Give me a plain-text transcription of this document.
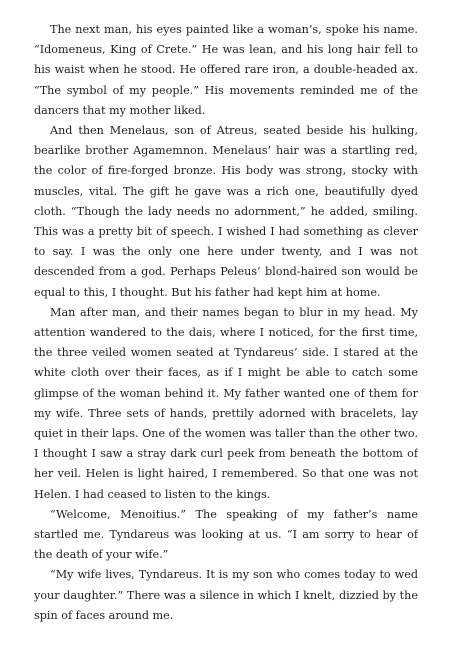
The next man, his eyes painted like a woman’s, spoke his name. “Idomeneus, King of Crete.” He was lean, and his long hair fell to his waist when he stood. He offered rare iron, a double-headed ax. “The symbol of my people.” His movements reminded me of the dancers that my mother liked.

And then Menelaus, son of Atreus, seated beside his hulking, bearlike brother Agamemnon. Menelaus’ hair was a startling red, the color of fire-forged bronze. His body was strong, stocky with muscles, vital. The gift he gave was a rich one, beautifully dyed cloth. “Though the lady needs no adornment,” he added, smiling. This was a pretty bit of speech. I wished I had something as clever to say. I was the only one here under twenty, and I was not descended from a god. Perhaps Peleus’ blond-haired son would be equal to this, I thought. But his father had kept him at home.

Man after man, and their names began to blur in my head. My attention wandered to the dais, where I noticed, for the first time, the three veiled women seated at Tyndareus’ side. I stared at the white cloth over their faces, as if I might be able to catch some glimpse of the woman behind it. My father wanted one of them for my wife. Three sets of hands, prettily adorned with bracelets, lay quiet in their laps. One of the women was taller than the other two. I thought I saw a stray dark curl peek from beneath the bottom of her veil. Helen is light haired, I remembered. So that one was not Helen. I had ceased to listen to the kings.

“Welcome, Menoitius.” The speaking of my father’s name startled me. Tyndareus was looking at us. “I am sorry to hear of the death of your wife.”

“My wife lives, Tyndareus. It is my son who comes today to wed your daughter.” There was a silence in which I knelt, dizzied by the spin of faces around me.
